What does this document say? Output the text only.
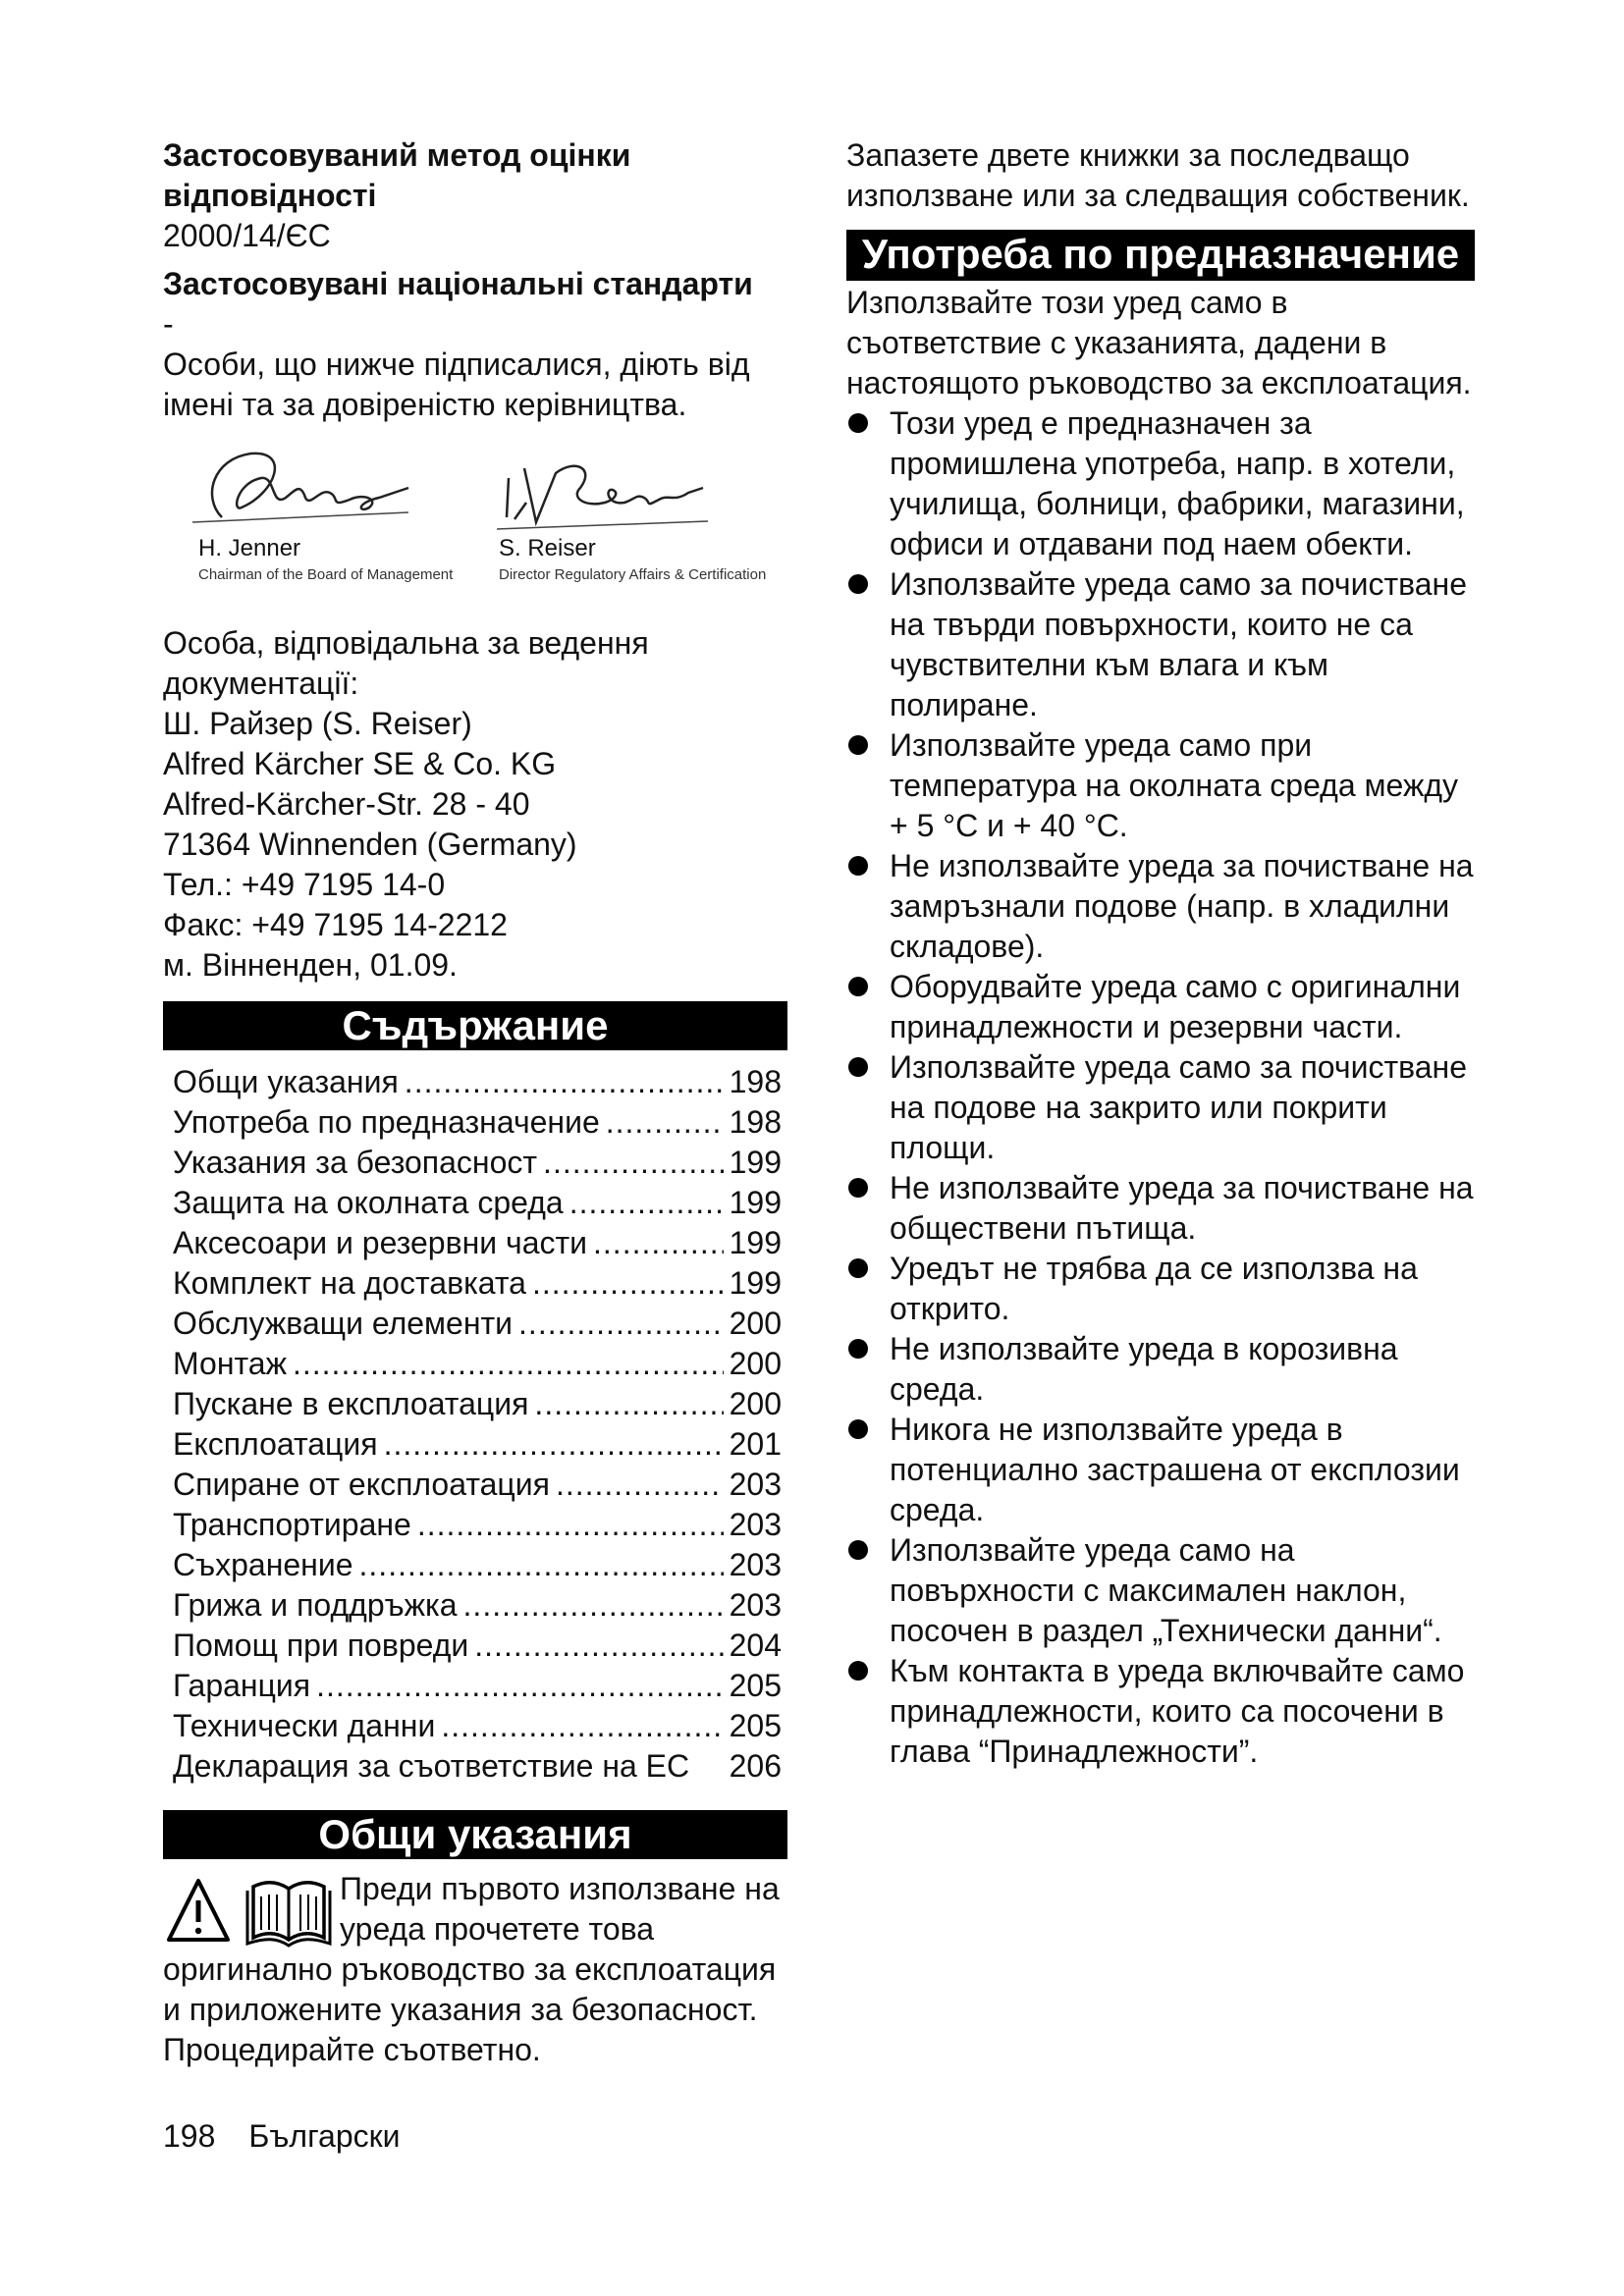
Застосовуваний метод оцінки відповідності

2000/14/ЄС

Застосовувані національні стандарти

-

Особи, що нижче підписалися, діють від імені та за довіреністю керівництва.

H. Jenner
Chairman of the Board of Management
S. Reiser
Director Regulatory Affairs & Certification

Особа, відповідальна за ведення документації:

Ш. Райзер (S. Reiser)

Alfred Kärcher SE & Co. KG

Alfred-Kärcher-Str. 28 - 40

71364 Winnenden (Germany)

Тел.: +49 7195 14-0

Факс: +49 7195 14-2212

м. Вінненден, 01.09.

Съдържание
Общи указания .....	198
Употреба по предназначение .....	198
Указания за безопасност .....	199
Защита на околната среда .....	199
Аксесоари и резервни части .....	199
Комплект на доставката .....	199
Обслужващи елементи .....	200
Монтаж .....	200
Пускане в експлоатация .....	200
Експлоатация .....	201
Спиране от експлоатация .....	203
Транспортиране .....	203
Съхранение .....	203
Грижа и поддръжка .....	203
Помощ при повреди .....	204
Гаранция .....	205
Технически данни .....	205
Декларация за съответствие на ЕС 206
Общи указания

Преди първото използване на уреда прочетете това

оригинално ръководство за експлоатация и приложените указания за безопасност. Процедирайте съответно.

Запазете двете книжки за последващо използване или за следващия собственик.

Употреба по предназначение

Използвайте този уред само в съответствие с указанията, дадени в настоящото ръководство за експлоатация.

Този уред е предназначен за промишлена употреба, напр. в хотели, училища, болници, фабрики, магазини, офиси и отдавани под наем обекти.
Използвайте уреда само за почистване на твърди повърхности, които не са чувствителни към влага и към полиране.
Използвайте уреда само при температура на околната среда между + 5 °C и + 40 °C.
Не използвайте уреда за почистване на замръзнали подове (напр. в хладилни складове).
Оборудвайте уреда само с оригинални принадлежности и резервни части.
Използвайте уреда само за почистване на подове на закрито или покрити площи.
Не използвайте уреда за почистване на обществени пътища.
Уредът не трябва да се използва на открито.
Не използвайте уреда в корозивна среда.
Никога не използвайте уреда в потенциално застрашена от експлозии среда.
Използвайте уреда само на повърхности с максимален наклон, посочен в раздел „Технически данни“.
Към контакта в уреда включвайте само принадлежности, които са посочени в глава “Принадлежности”.
198 Български
